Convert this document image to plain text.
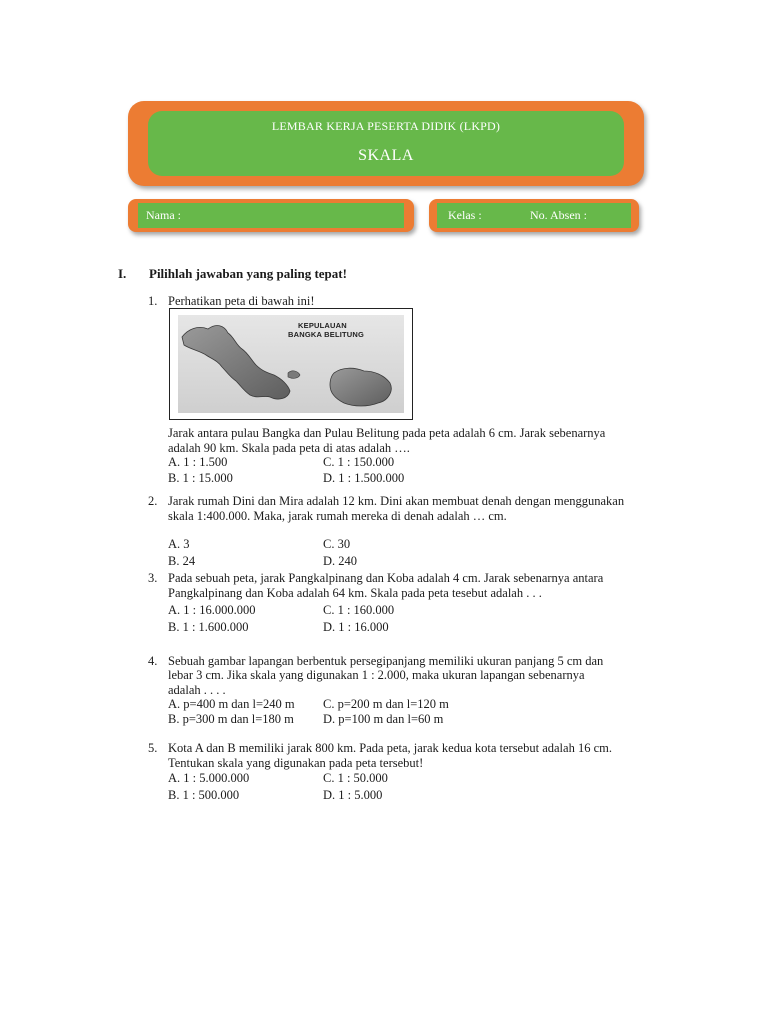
LEMBAR KERJA PESERTA DIDIK (LKPD)
SKALA
Nama :	Kelas :	No. Absen :
I. Pilihlah jawaban yang paling tepat!
1. Perhatikan peta di bawah ini!
KEPULAUAN
BANGKA BELITUNG
Jarak antara pulau Bangka dan Pulau Belitung pada peta adalah 6 cm. Jarak sebenarnya
adalah 90 km. Skala pada peta di atas adalah ….
A. 1 : 1.500	C. 1 : 150.000
B. 1 : 15.000	D. 1 : 1.500.000
2. Jarak rumah Dini dan Mira adalah 12 km. Dini akan membuat denah dengan menggunakan
skala 1:400.000. Maka, jarak rumah mereka di denah adalah … cm.
A. 3	C. 30
B. 24	D. 240
3. Pada sebuah peta, jarak Pangkalpinang dan Koba adalah 4 cm. Jarak sebenarnya antara
Pangkalpinang dan Koba adalah 64 km. Skala pada peta tesebut adalah . . .
A. 1 : 16.000.000	C. 1 : 160.000
B. 1 : 1.600.000	D. 1 : 16.000
4. Sebuah gambar lapangan berbentuk persegipanjang memiliki ukuran panjang 5 cm dan
lebar 3 cm. Jika skala yang digunakan 1 : 2.000, maka ukuran lapangan sebenarnya
adalah . . . .
A. p=400 m dan l=240 m C. p=200 m dan l=120 m
B. p=300 m dan l=180 m D. p=100 m dan l=60 m
5. Kota A dan B memiliki jarak 800 km. Pada peta, jarak kedua kota tersebut adalah 16 cm.
Tentukan skala yang digunakan pada peta tersebut!
A. 1 : 5.000.000	C. 1 : 50.000
B. 1 : 500.000	D. 1 : 5.000
